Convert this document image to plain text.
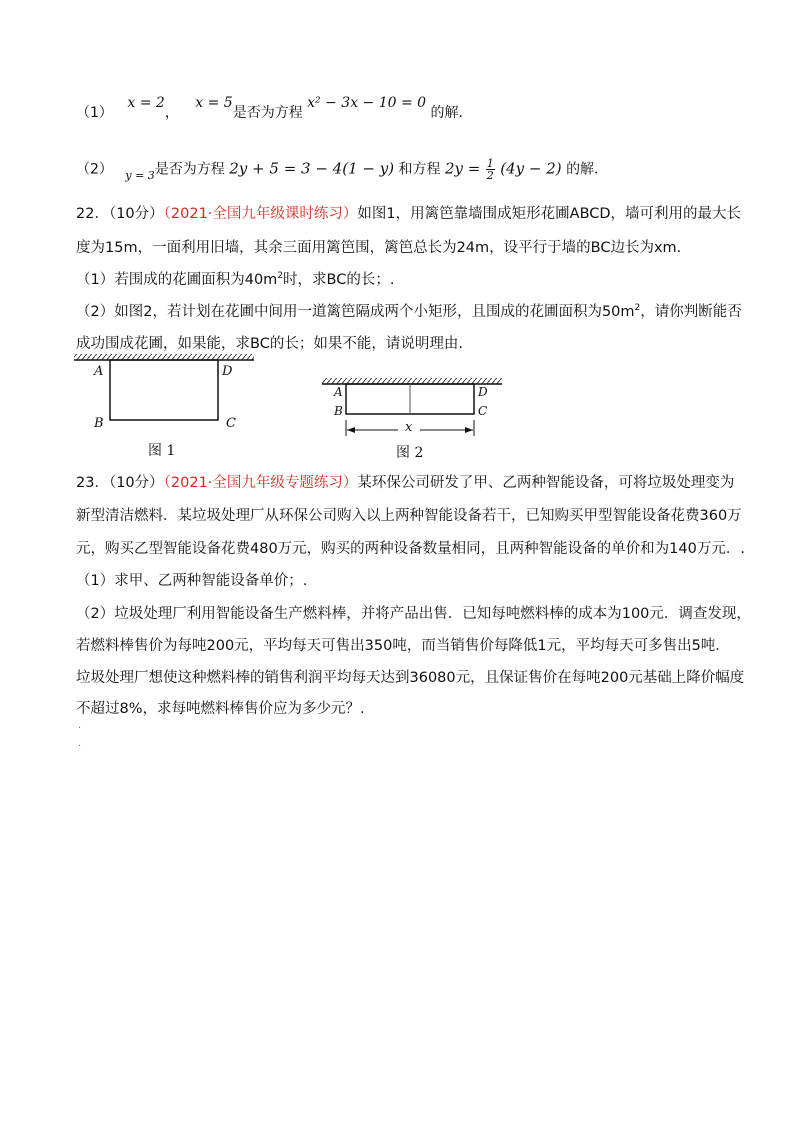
（1） x = 2， x = 5是否为方程 x² − 3x − 10 = 0 的解．
（2） $_{y = 3}$是否为方程 2y + 5 = 3 − 4(1 − y) 和方程 $2y = \frac{1}{2} (4y - 2)$ 的解．
22．（10分）（2021·全国九年级课时练习）如图1，用篱笆靠墙围成矩形花圃ABCD，墙可利用的最大长
度为15m，一面利用旧墙，其余三面用篱笆围，篱笆总长为24m，设平行于墙的BC边长为xm.
（1）若围成的花圃面积为$40m^2$时，求BC的长；.
（2）如图2，若计划在花圃中间用一道篱笆隔成两个小矩形，且围成的花圃面积为$50m^2$，请你判断能否
成功围成花圃，如果能，求BC的长；如果不能，请说明理由.
A	D
B	C
图 1
A	D
B	C
x
图 2
23．（10分）（2021·全国九年级专题练习）某环保公司研发了甲、乙两种智能设备，可将垃圾处理变为
新型清洁燃料．某垃圾处理厂从环保公司购入以上两种智能设备若干，已知购买甲型智能设备花费360万
元，购买乙型智能设备花费480万元，购买的两种设备数量相同，且两种智能设备的单价和为140万元．.
（1）求甲、乙两种智能设备单价；.
（2）垃圾处理厂利用智能设备生产燃料棒，并将产品出售．已知每吨燃料棒的成本为100元．调查发现，
若燃料棒售价为每吨200元，平均每天可售出350吨，而当销售价每降低1元，平均每天可多售出5吨．
垃圾处理厂想使这种燃料棒的销售利润平均每天达到36080元，且保证售价在每吨200元基础上降价幅度
不超过8%，求每吨燃料棒售价应为多少元？.
.
.
